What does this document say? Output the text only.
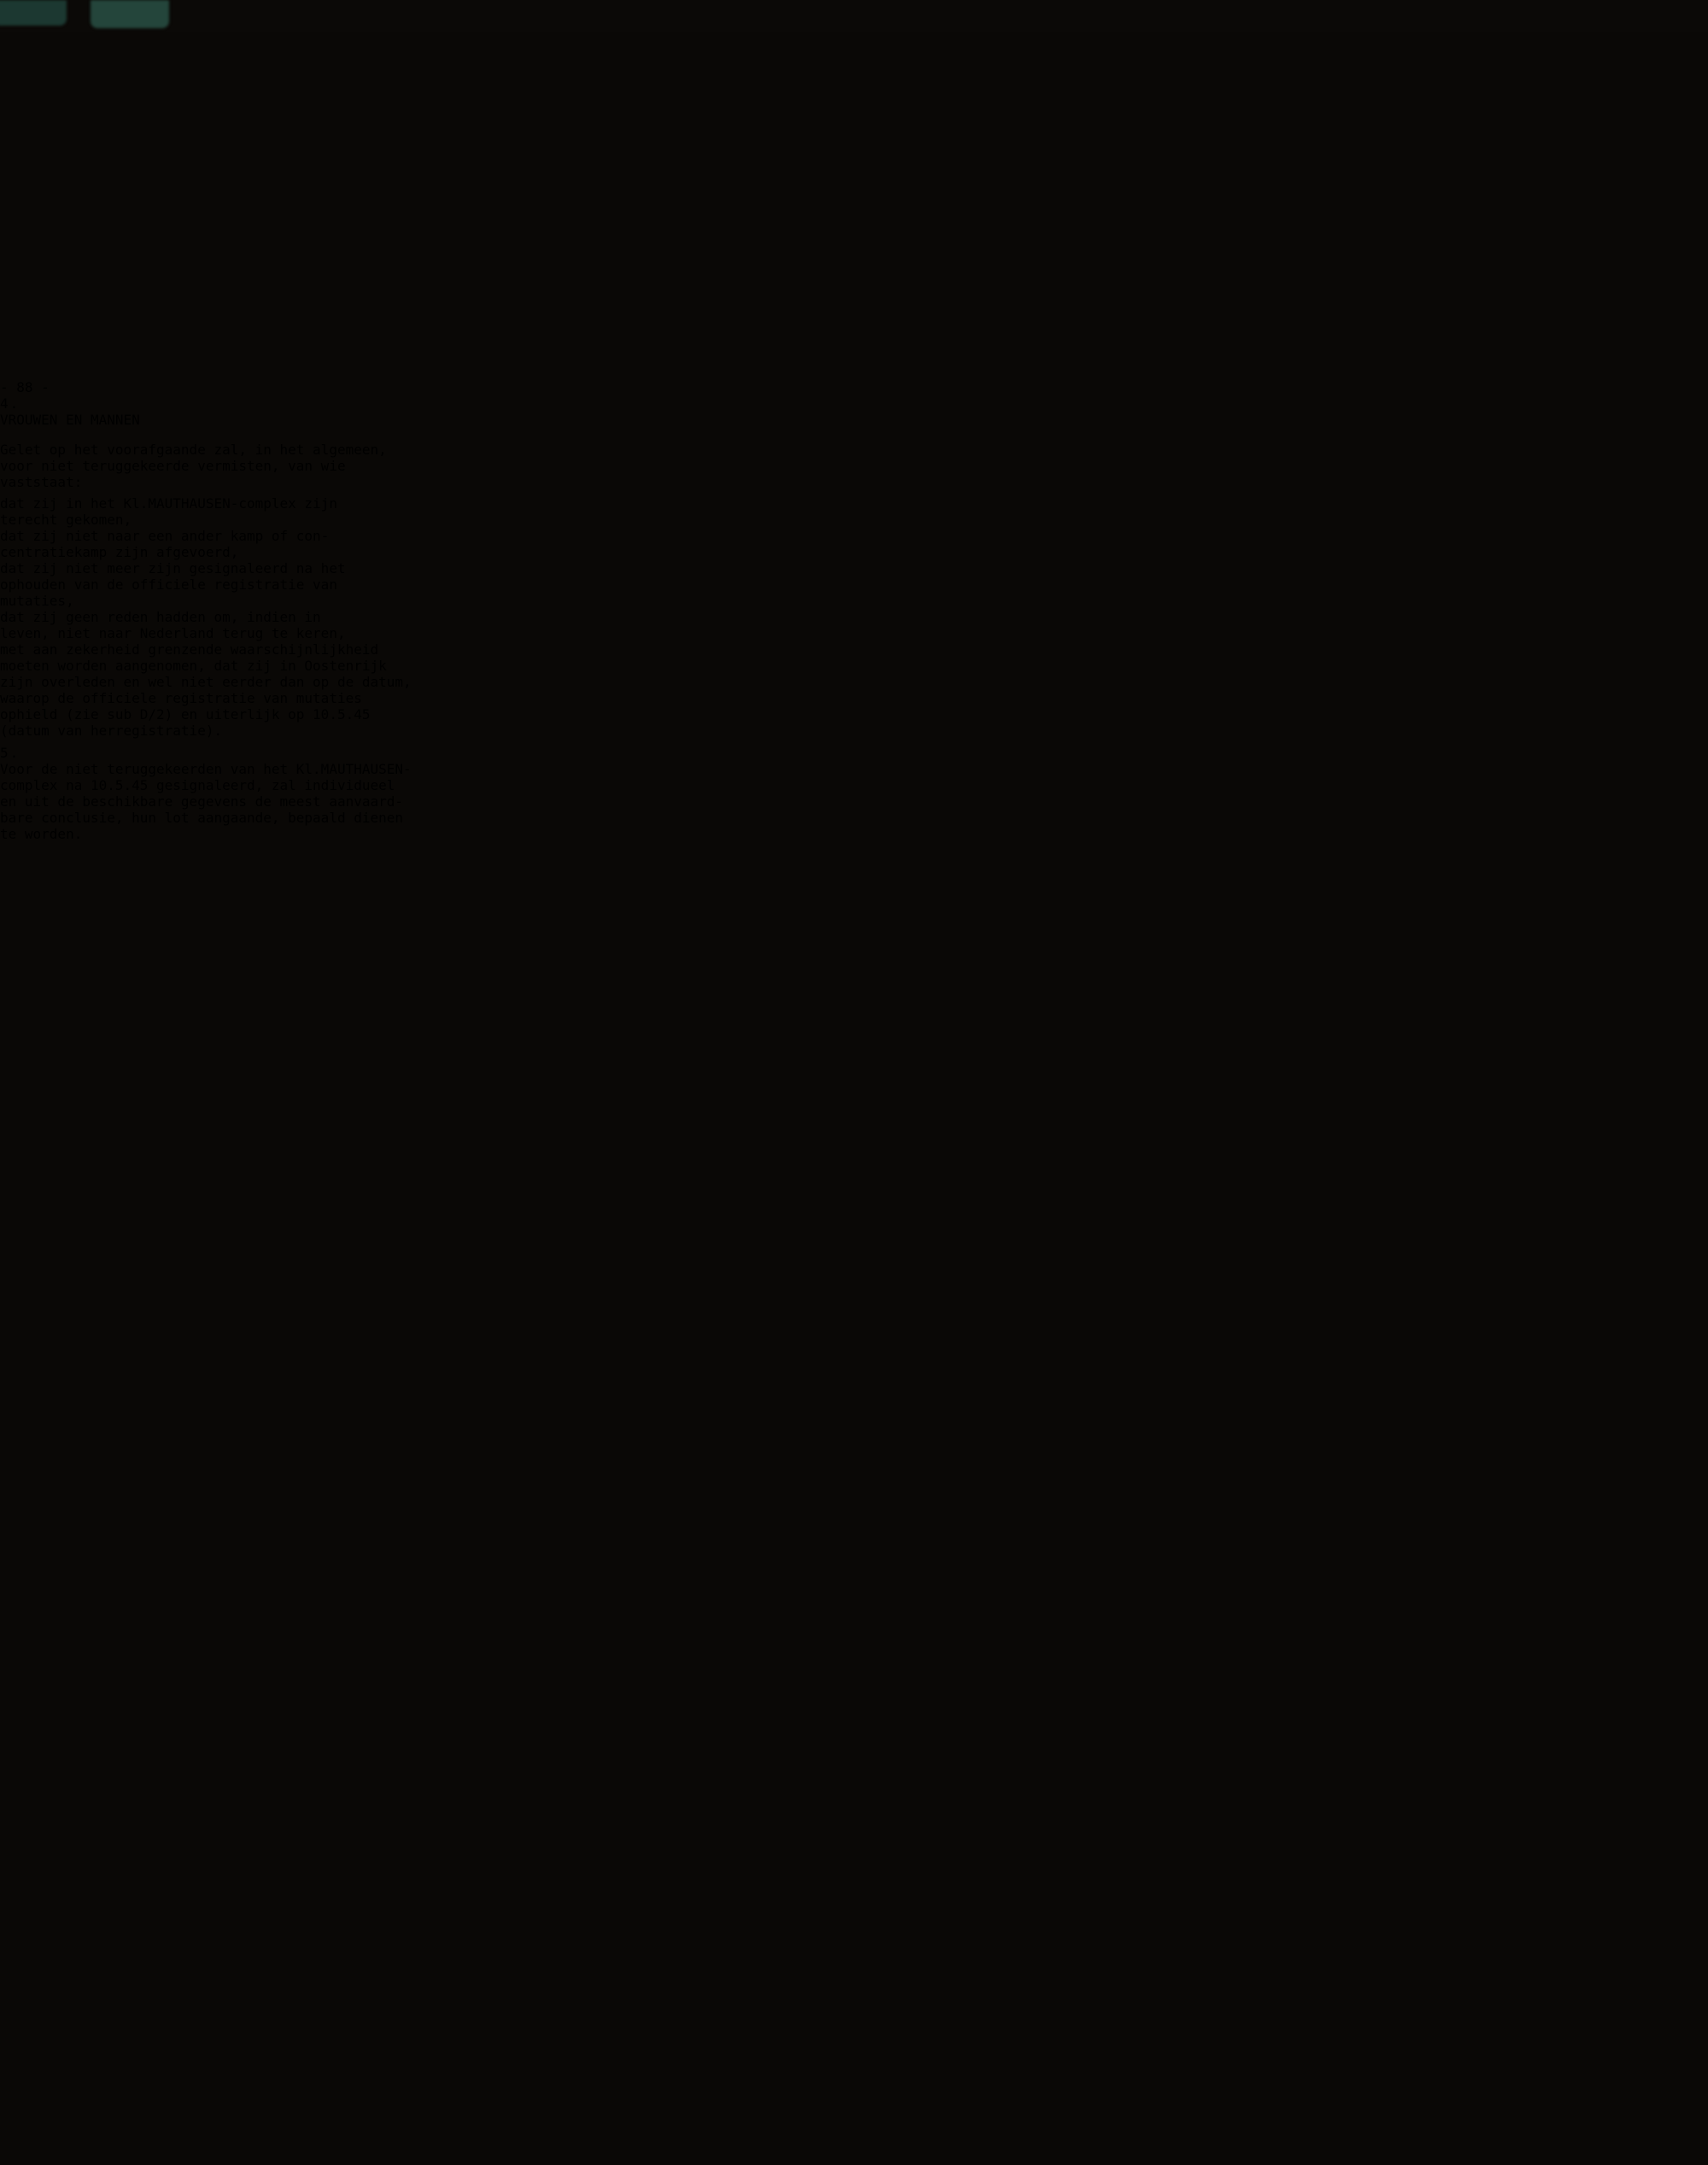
- 88 -
4.
VROUWEN EN MANNEN
Gelet op het voorafgaande zal, in het algemeen,
voor niet teruggekeerde vermisten, van wie
vaststaat:
dat zij in het Kl.MAUTHAUSEN-complex zijn
terecht gekomen,
dat zij niet naar een ander kamp of con-
centratiekamp zijn afgevoerd,
dat zij niet meer zijn gesignaleerd na het
ophouden van de officiele registratie van
mutaties,
dat zij geen reden hadden om, indien in
leven, niet naar Nederland terug te keren,
met aan zekerheid grenzende waarschijnlijkheid
moeten worden aangenomen, dat zij in Oostenrijk
zijn overleden en wel niet eerder dan op de datum,
waarop de officiele registratie van mutaties
ophield (zie sub D/2) en uiterlijk op 10.5.45
(datum van herregistratie).
5.
Voor de niet teruggekeerden van het Kl.MAUTHAUSEN-
complex na 10.5.45 gesignaleerd, zal individueel
en uit de beschikbare gegevens de meest aanvaard-
bare conclusie, hun lot aangaande, bepaald dienen
te worden.
